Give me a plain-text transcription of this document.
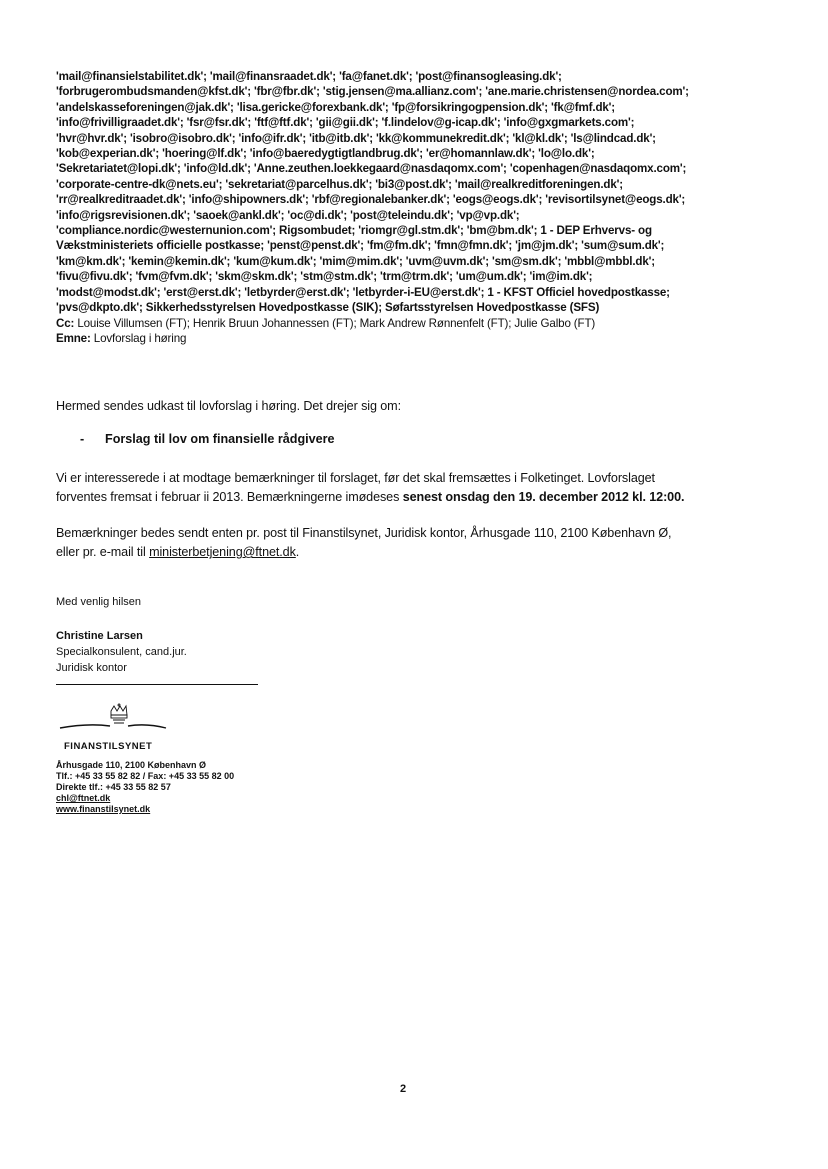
'mail@finansielstabilitet.dk'; 'mail@finansraadet.dk'; 'fa@fanet.dk'; 'post@finansogleasing.dk';
'forbrugerombudsmanden@kfst.dk'; 'fbr@fbr.dk'; 'stig.jensen@ma.allianz.com'; 'ane.marie.christensen@nordea.com';
'andelskasseforeningen@jak.dk'; 'lisa.gericke@forexbank.dk'; 'fp@forsikringogpension.dk'; 'fk@fmf.dk';
'info@frivilligraadet.dk'; 'fsr@fsr.dk'; 'ftf@ftf.dk'; 'gii@gii.dk'; 'f.lindelov@g-icap.dk'; 'info@gxgmarkets.com';
'hvr@hvr.dk'; 'isobro@isobro.dk'; 'info@ifr.dk'; 'itb@itb.dk'; 'kk@kommunekredit.dk'; 'kl@kl.dk'; 'ls@lindcad.dk';
'kob@experian.dk'; 'hoering@lf.dk'; 'info@baeredygtigtlandbrug.dk'; 'er@homannlaw.dk'; 'lo@lo.dk';
'Sekretariatet@lopi.dk'; 'info@ld.dk'; 'Anne.zeuthen.loekkegaard@nasdaqomx.com'; 'copenhagen@nasdaqomx.com';
'corporate-centre-dk@nets.eu'; 'sekretariat@parcelhus.dk'; 'bi3@post.dk'; 'mail@realkreditforeningen.dk';
'rr@realkreditraadet.dk'; 'info@shipowners.dk'; 'rbf@regionalebanker.dk'; 'eogs@eogs.dk'; 'revisortilsynet@eogs.dk';
'info@rigsrevisionen.dk'; 'saoek@ankl.dk'; 'oc@di.dk'; 'post@teleindu.dk'; 'vp@vp.dk';
'compliance.nordic@westernunion.com'; Rigsombudet; 'riomgr@gl.stm.dk'; 'bm@bm.dk'; 1 - DEP Erhvervs- og
Vækstministeriets officielle postkasse; 'penst@penst.dk'; 'fm@fm.dk'; 'fmn@fmn.dk'; 'jm@jm.dk'; 'sum@sum.dk';
'km@km.dk'; 'kemin@kemin.dk'; 'kum@kum.dk'; 'mim@mim.dk'; 'uvm@uvm.dk'; 'sm@sm.dk'; 'mbbl@mbbl.dk';
'fivu@fivu.dk'; 'fvm@fvm.dk'; 'skm@skm.dk'; 'stm@stm.dk'; 'trm@trm.dk'; 'um@um.dk'; 'im@im.dk';
'modst@modst.dk'; 'erst@erst.dk'; 'letbyrder@erst.dk'; 'letbyrder-i-EU@erst.dk'; 1 - KFST Officiel hovedpostkasse;
'pvs@dkpto.dk'; Sikkerhedsstyrelsen Hovedpostkasse (SIK); Søfartsstyrelsen Hovedpostkasse (SFS)
Cc: Louise Villumsen (FT); Henrik Bruun Johannessen (FT); Mark Andrew Rønnenfelt (FT); Julie Galbo (FT)
Emne: Lovforslag i høring
Hermed sendes udkast til lovforslag i høring. Det drejer sig om:
- Forslag til lov om finansielle rådgivere
Vi er interesserede i at modtage bemærkninger til forslaget, før det skal fremsættes i Folketinget. Lovforslaget
forventes fremsat i februar ii 2013. Bemærkningerne imødeses senest onsdag den 19. december 2012 kl. 12:00.
Bemærkninger bedes sendt enten pr. post til Finanstilsynet, Juridisk kontor, Århusgade 110, 2100 København Ø,
eller pr. e-mail til ministerbetjening@ftnet.dk.
Med venlig hilsen
Christine Larsen
Specialkonsulent, cand.jur.
Juridisk kontor
FINANSTILSYNET
Århusgade 110, 2100 København Ø
Tlf.: +45 33 55 82 82 / Fax: +45 33 55 82 00
Direkte tlf.: +45 33 55 82 57
chl@ftnet.dk
www.finanstilsynet.dk
2
